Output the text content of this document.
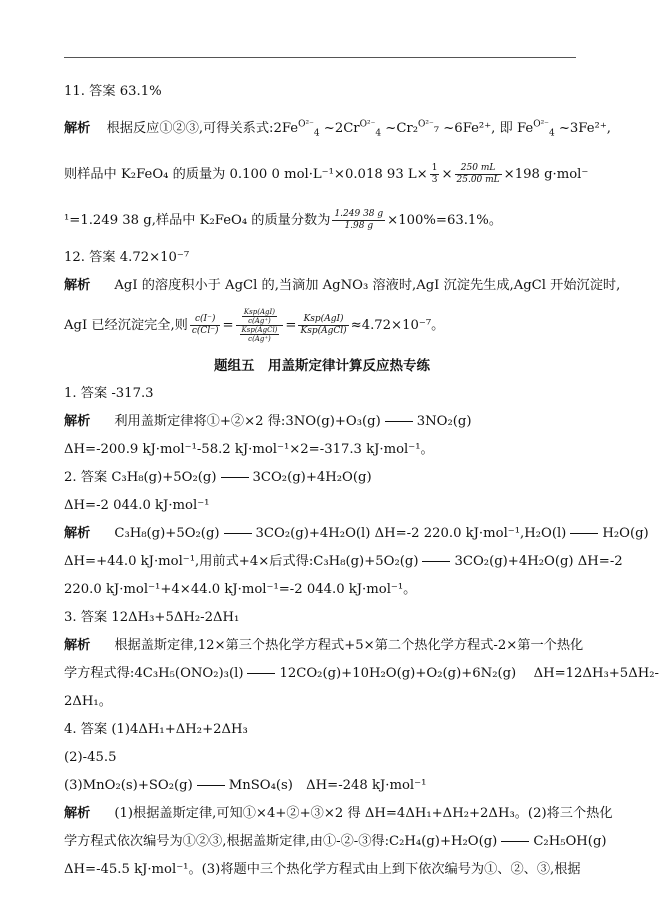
11. 答案 63.1%
解析 根据反应①②③,可得关系式$:2Fe^{O^{2-}}_4$ $\sim 2Cr^{O^{2-}}_4$ ~Cr₂$^{O^{2-}}$₇ ~6Fe²⁺, 即 $Fe^{O^{2-}}_4$ ~3Fe²⁺,
则样品中 K₂FeO₄ 的质量为 0.100 0 mol·L⁻¹×0.018 93 $L\times \frac{1}{3} \times \frac{250 mL}{25.00 mL} \times 198$ g·mol⁻
¹=1.249 38 g,样品中 K₂FeO₄ 的质量分数为 $\frac{1.249 38 g}{1.98 g} \times 100\%=63.1\%$。
12. 答案 4.72×10⁻⁷
解析 AgI 的溶度积小于 AgCl 的,当滴加 AgNO₃ 溶液时,AgI 沉淀先生成,AgCl 开始沉淀时,
AgI 已经沉淀完全,则 $\frac{c(I^-)}{c(Cl^-)} = \frac{\frac{\text{Ksp(AgI)}}{c(Ag^+)}}{\frac{\text{Ksp(AgCl)}}{c(Ag^+)}} = \frac{\text{Ksp(AgI)}}{\text{Ksp(AgCl)}} \approx 4.72\times 10^{-7}$。
题组五　用盖斯定律计算反应热专练
1. 答案 -317.3
解析 利用盖斯定律将①+②×2 得:3NO(g)+O₃(g)	3NO₂(g)
ΔH=-200.9 kJ·mol⁻¹-58.2 kJ·mol⁻¹×2=-317.3 kJ·mol⁻¹。
2. 答案 C₃H₈(g)+5O₂(g)	3CO₂(g)+4H₂O(g)
ΔH=-2 044.0 kJ·mol⁻¹
解析 C₃H₈(g)+5O₂(g)	3CO₂(g)+4H₂O(l) ΔH=-2 220.0 kJ·mol⁻¹,H₂O(l)	H₂O(g)
ΔH=+44.0 kJ·mol⁻¹,用前式+4×后式得:C₃H₈(g)+5O₂(g)	3CO₂(g)+4H₂O(g) ΔH=-2
220.0 kJ·mol⁻¹+4×44.0 kJ·mol⁻¹=-2 044.0 kJ·mol⁻¹。
3. 答案 12ΔH₃+5ΔH₂-2ΔH₁
解析 根据盖斯定律,12×第三个热化学方程式+5×第二个热化学方程式-2×第一个热化
学方程式得:4C₃H₅(ONO₂)₃(l)	12CO₂(g)+10H₂O(g)+O₂(g)+6N₂(g)　 ΔH=12ΔH₃+5ΔH₂-
2ΔH₁。
4. 答案 (1)4ΔH₁+ΔH₂+2ΔH₃
(2)-45.5
(3)MnO₂(s)+SO₂(g)	MnSO₄(s)　ΔH=-248 kJ·mol⁻¹
解析 (1)根据盖斯定律,可知①×4+②+③×2 得 ΔH=4ΔH₁+ΔH₂+2ΔH₃。(2)将三个热化
学方程式依次编号为①②③,根据盖斯定律,由①-②-③得:C₂H₄(g)+H₂O(g)	C₂H₅OH(g)
ΔH=-45.5 kJ·mol⁻¹。(3)将题中三个热化学方程式由上到下依次编号为①、②、③,根据
